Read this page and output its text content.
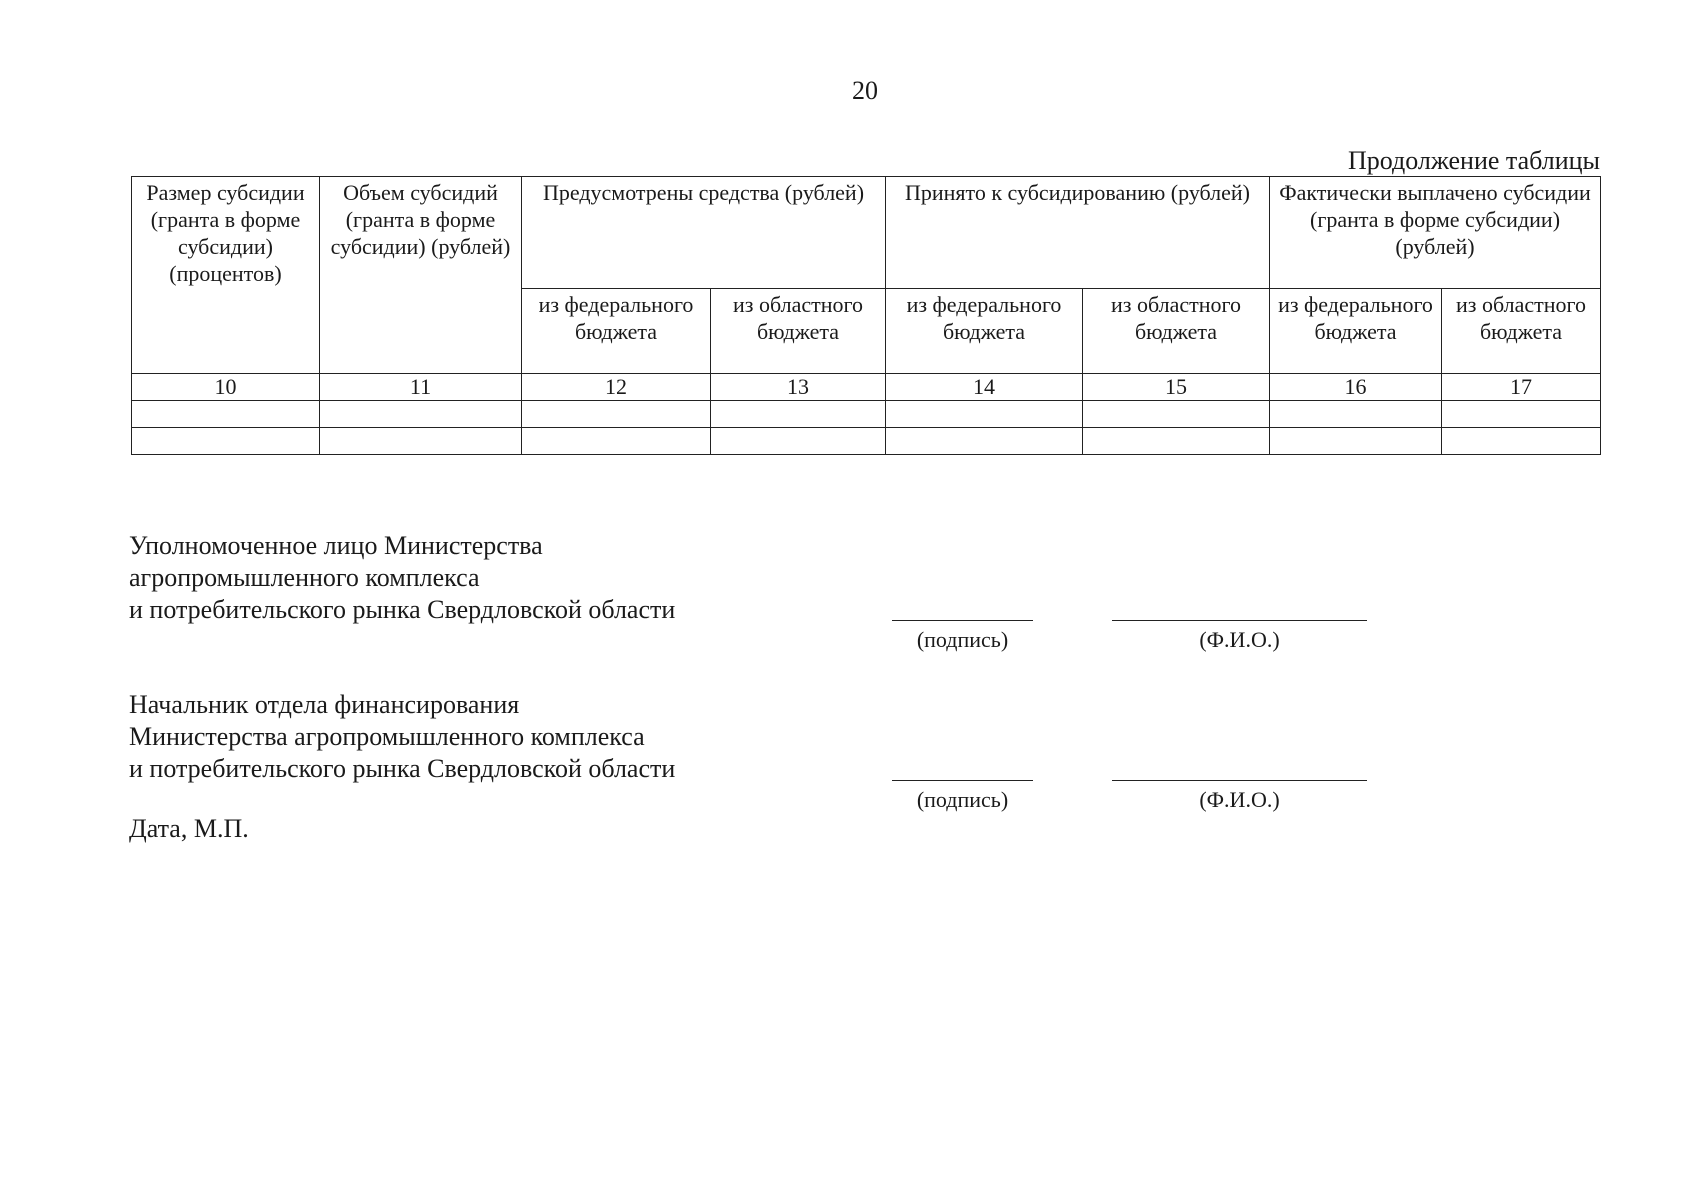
20
Продолжение таблицы
Размер субсидии (гранта в форме субсидии) (процентов)	Объем субсидий (гранта в форме субсидии) (рублей)	Предусмотрены средства (рублей)		Принято к субсидированию (рублей)		Фактически выплачено субсидии (гранта в форме субсидии) (рублей)	
		из федерального бюджета	из областного бюджета	из федерального бюджета	из областного бюджета	из федерального бюджета	из областного бюджета
10	11	12	13	14	15	16	17

Уполномоченное лицо Министерства
агропромышленного комплекса
и потребительского рынка Свердловской области
(подпись)	(Ф.И.О.)
Начальник отдела финансирования
Министерства агропромышленного комплекса
и потребительского рынка Свердловской области
(подпись)	(Ф.И.О.)
Дата, М.П.
